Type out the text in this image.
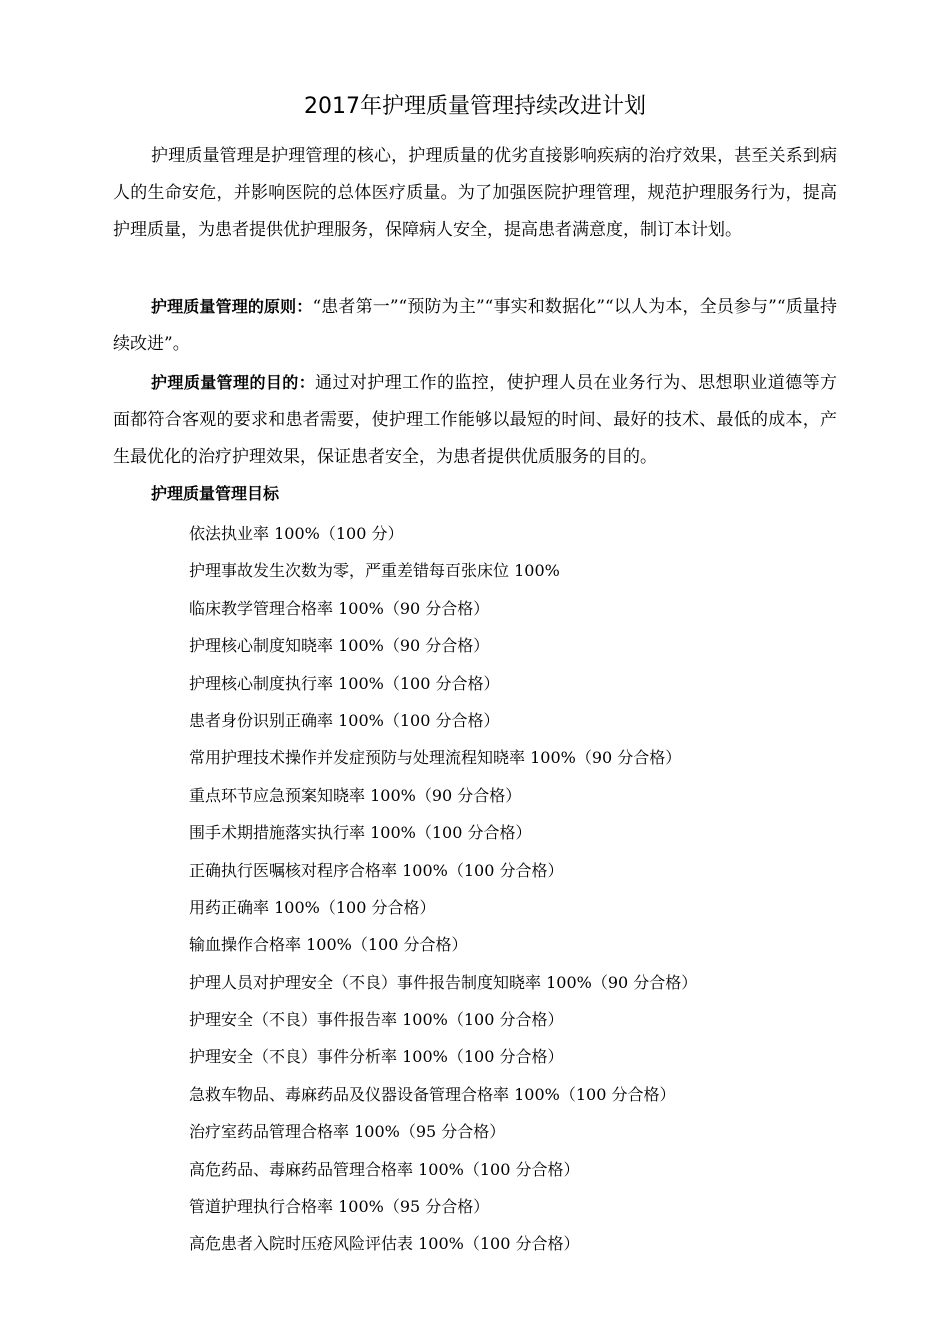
2017年护理质量管理持续改进计划

护理质量管理是护理管理的核心，护理质量的优劣直接影响疾病的治疗效果，甚至关系到病人的生命安危，并影响医院的总体医疗质量。为了加强医院护理管理，规范护理服务行为，提高护理质量，为患者提供优护理服务，保障病人安全，提高患者满意度，制订本计划。

护理质量管理的原则：“患者第一”“预防为主”“事实和数据化”“以人为本，全员参与”“质量持续改进”。

护理质量管理的目的：通过对护理工作的监控，使护理人员在业务行为、思想职业道德等方面都符合客观的要求和患者需要，使护理工作能够以最短的时间、最好的技术、最低的成本，产生最优化的治疗护理效果，保证患者安全，为患者提供优质服务的目的。

护理质量管理目标
依法执业率 100%（100 分）
护理事故发生次数为零，严重差错每百张床位 100%
临床教学管理合格率 100%（90 分合格）
护理核心制度知晓率 100%（90 分合格）
护理核心制度执行率 100%（100 分合格）
患者身份识别正确率 100%（100 分合格）
常用护理技术操作并发症预防与处理流程知晓率 100%（90 分合格）
重点环节应急预案知晓率 100%（90 分合格）
围手术期措施落实执行率 100%（100 分合格）
正确执行医嘱核对程序合格率 100%（100 分合格）
用药正确率 100%（100 分合格）
输血操作合格率 100%（100 分合格）
护理人员对护理安全（不良）事件报告制度知晓率 100%（90 分合格）
护理安全（不良）事件报告率 100%（100 分合格）
护理安全（不良）事件分析率 100%（100 分合格）
急救车物品、毒麻药品及仪器设备管理合格率 100%（100 分合格）
治疗室药品管理合格率 100%（95 分合格）
高危药品、毒麻药品管理合格率 100%（100 分合格）
管道护理执行合格率 100%（95 分合格）
高危患者入院时压疮风险评估表 100%（100 分合格）
